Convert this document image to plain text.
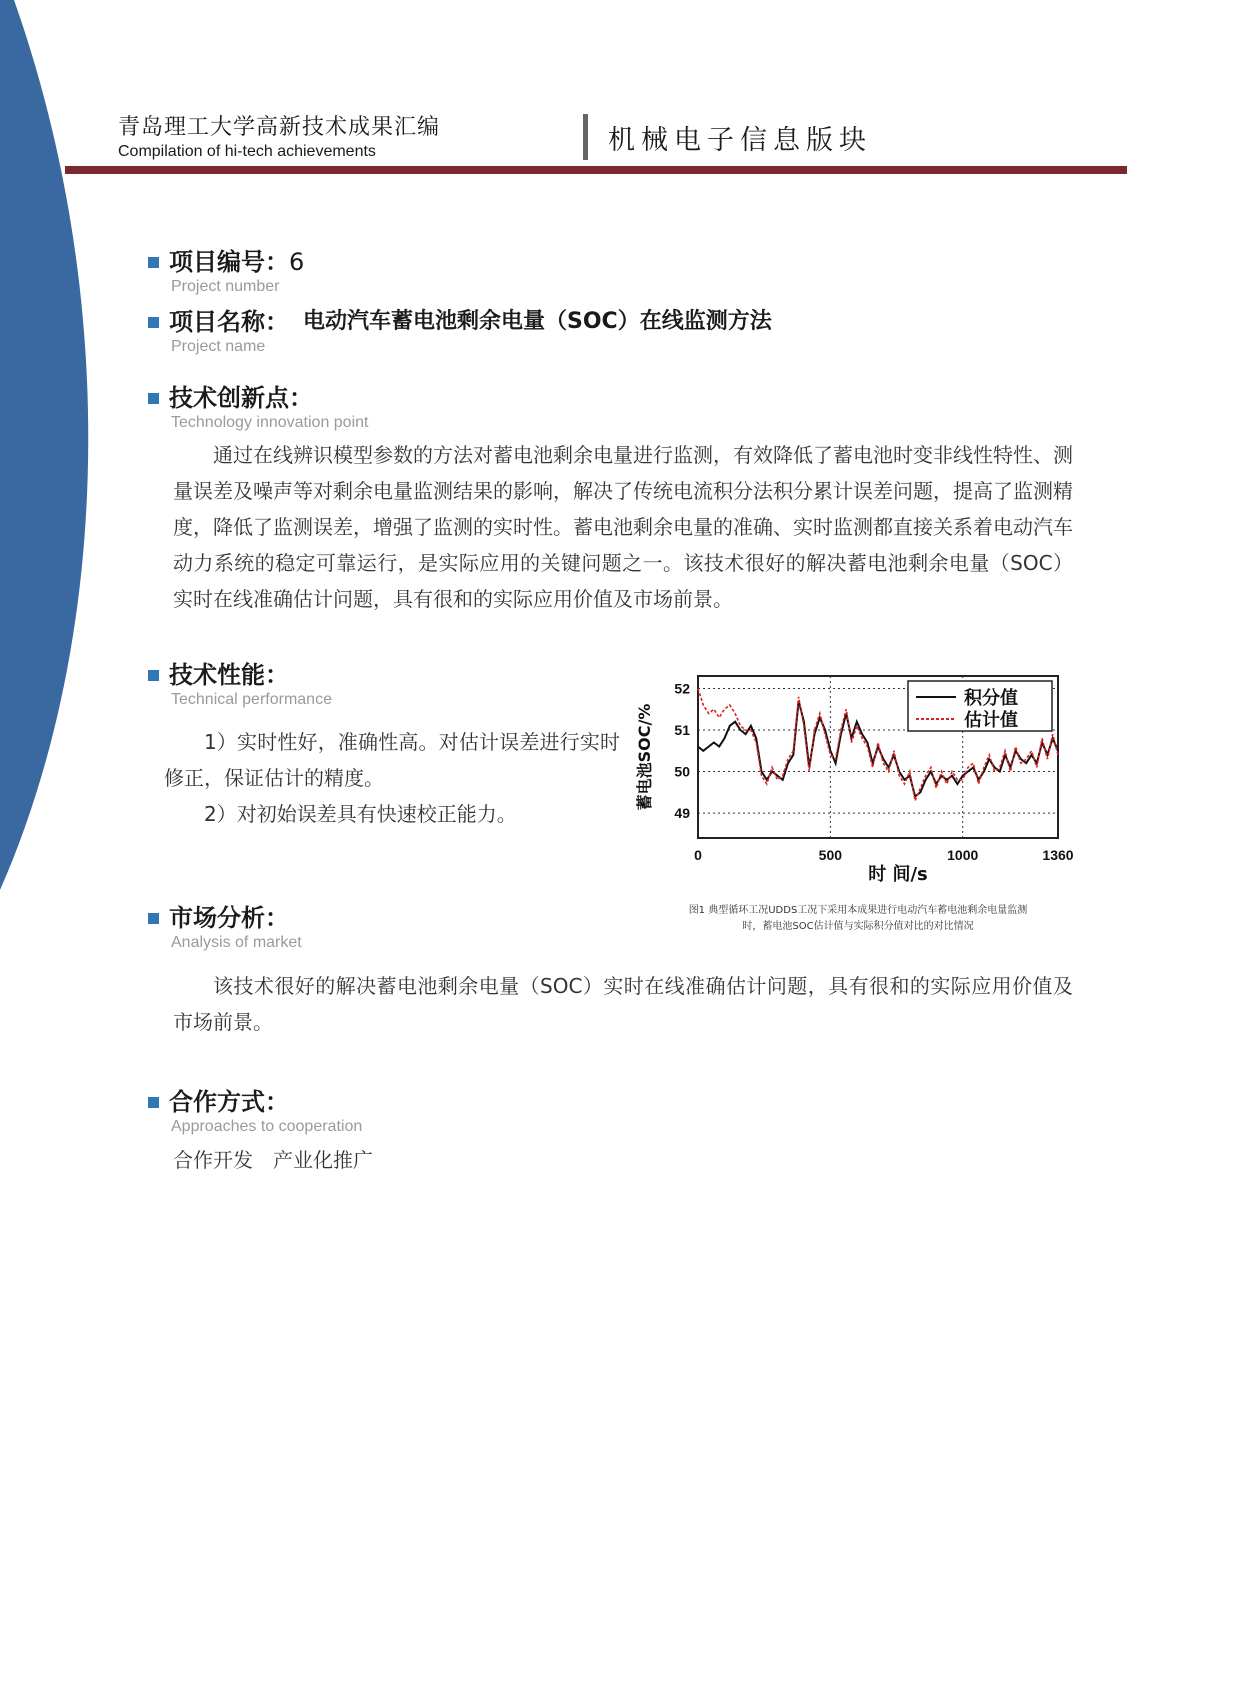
青岛理工大学高新技术成果汇编
Compilation of hi-tech achievements	机械电子信息版块
项目编号： 6
Project number
项目名称： 电动汽车蓄电池剩余电量（SOC）在线监测方法
Project name
技术创新点：
Technology innovation point
通过在线辨识模型参数的方法对蓄电池剩余电量进行监测，有效降低了蓄电池时变非线性特性、测量误差及噪声等对剩余电量监测结果的影响，解决了传统电流积分法积分累计误差问题，提高了监测精度，降低了监测误差，增强了监测的实时性。蓄电池剩余电量的准确、实时监测都直接关系着电动汽车动力系统的稳定可靠运行，是实际应用的关键问题之一。该技术很好的解决蓄电池剩余电量（SOC）实时在线准确估计问题，具有很和的实际应用价值及市场前景。
技术性能：
Technical performance
1）实时性好，准确性高。对估计误差进行实时修正，保证估计的精度。
2）对初始误差具有快速校正能力。	49
50
51
52
0	500	1000	1360
时 间/s
蓄电池SOC/%
积分值
估计值
图1 典型循环工况UDDS工况下采用本成果进行电动汽车蓄电池剩余电量监测
时，蓄电池SOC估计值与实际积分值对比的对比情况
市场分析：
Analysis of market
该技术很好的解决蓄电池剩余电量（SOC）实时在线准确估计问题，具有很和的实际应用价值及市场前景。
合作方式：
Approaches to cooperation
合作开发　产业化推广
